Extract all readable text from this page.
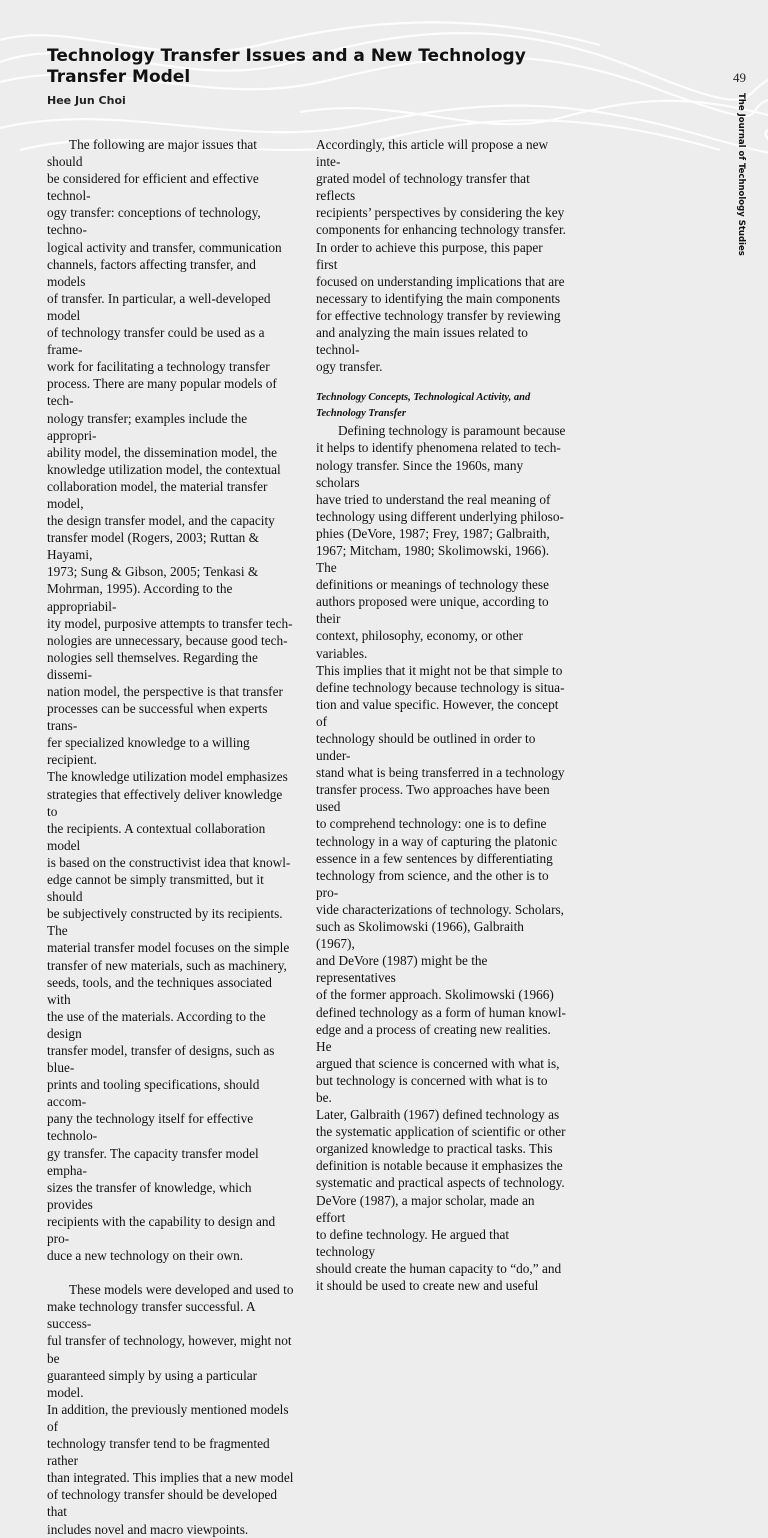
Technology Transfer Issues and a New Technology
Transfer Model
Hee Jun Choi
49
The Journal of Technology Studies

The following are major issues that should

be considered for efficient and effective technol-

ogy transfer: conceptions of technology, techno-

logical activity and transfer, communication

channels, factors affecting transfer, and models

of transfer. In particular, a well-developed model

of technology transfer could be used as a frame-

work for facilitating a technology transfer

process. There are many popular models of tech-

nology transfer; examples include the appropri-

ability model, the dissemination model, the

knowledge utilization model, the contextual

collaboration model, the material transfer model,

the design transfer model, and the capacity

transfer model (Rogers, 2003; Ruttan & Hayami,

1973; Sung & Gibson, 2005; Tenkasi &

Mohrman, 1995). According to the appropriabil-

ity model, purposive attempts to transfer tech-

nologies are unnecessary, because good tech-

nologies sell themselves. Regarding the dissemi-

nation model, the perspective is that transfer

processes can be successful when experts trans-

fer specialized knowledge to a willing recipient.

The knowledge utilization model emphasizes

strategies that effectively deliver knowledge to

the recipients. A contextual collaboration model

is based on the constructivist idea that knowl-

edge cannot be simply transmitted, but it should

be subjectively constructed by its recipients. The

material transfer model focuses on the simple

transfer of new materials, such as machinery,

seeds, tools, and the techniques associated with

the use of the materials. According to the design

transfer model, transfer of designs, such as blue-

prints and tooling specifications, should accom-

pany the technology itself for effective technolo-

gy transfer. The capacity transfer model empha-

sizes the transfer of knowledge, which provides

recipients with the capability to design and pro-

duce a new technology on their own.

These models were developed and used to

make technology transfer successful. A success-

ful transfer of technology, however, might not be

guaranteed simply by using a particular model.

In addition, the previously mentioned models of

technology transfer tend to be fragmented rather

than integrated. This implies that a new model

of technology transfer should be developed that

includes novel and macro viewpoints.

Accordingly, this article will propose a new inte-

grated model of technology transfer that reflects

recipients’ perspectives by considering the key

components for enhancing technology transfer.

In order to achieve this purpose, this paper first

focused on understanding implications that are

necessary to identifying the main components

for effective technology transfer by reviewing

and analyzing the main issues related to technol-

ogy transfer.

Technology Concepts, Technological Activity, and
Technology Transfer

Defining technology is paramount because

it helps to identify phenomena related to tech-

nology transfer. Since the 1960s, many scholars

have tried to understand the real meaning of

technology using different underlying philoso-

phies (DeVore, 1987; Frey, 1987; Galbraith,

1967; Mitcham, 1980; Skolimowski, 1966). The

definitions or meanings of technology these

authors proposed were unique, according to their

context, philosophy, economy, or other variables.

This implies that it might not be that simple to

define technology because technology is situa-

tion and value specific. However, the concept of

technology should be outlined in order to under-

stand what is being transferred in a technology

transfer process. Two approaches have been used

to comprehend technology: one is to define

technology in a way of capturing the platonic

essence in a few sentences by differentiating

technology from science, and the other is to pro-

vide characterizations of technology. Scholars,

such as Skolimowski (1966), Galbraith (1967),

and DeVore (1987) might be the representatives

of the former approach. Skolimowski (1966)

defined technology as a form of human knowl-

edge and a process of creating new realities. He

argued that science is concerned with what is,

but technology is concerned with what is to be.

Later, Galbraith (1967) defined technology as

the systematic application of scientific or other

organized knowledge to practical tasks. This

definition is notable because it emphasizes the

systematic and practical aspects of technology.

DeVore (1987), a major scholar, made an effort

to define technology. He argued that technology

should create the human capacity to “do,” and

it should be used to create new and useful
